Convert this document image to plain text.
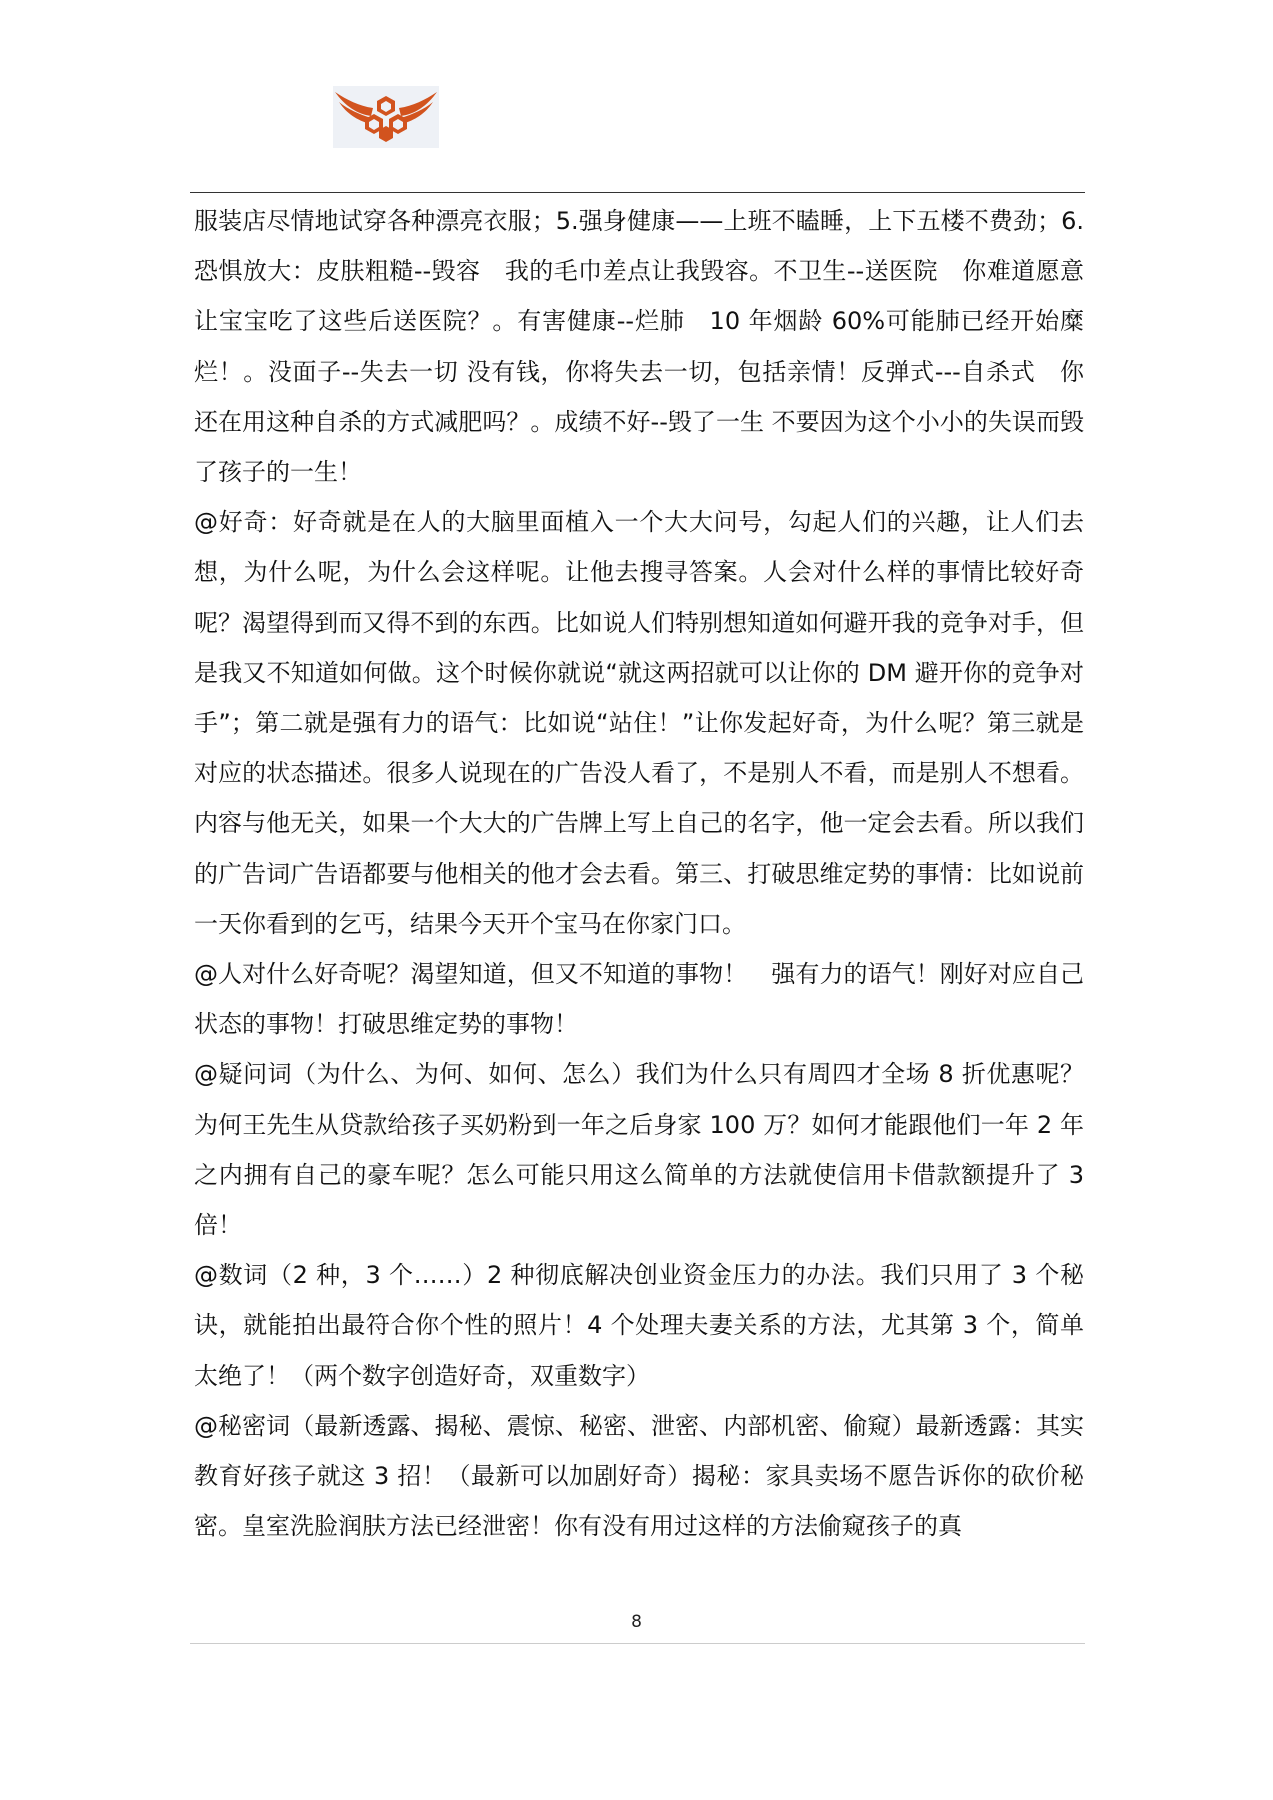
服装店尽情地试穿各种漂亮衣服；5.强身健康——上班不瞌睡，上下五楼不费劲；6.恐惧放大：皮肤粗糙--毁容　我的毛巾差点让我毁容。不卫生--送医院　你难道愿意让宝宝吃了这些后送医院？。有害健康--烂肺　10 年烟龄 60%可能肺已经开始糜烂！。没面子--失去一切 没有钱，你将失去一切，包括亲情！反弹式---自杀式　你还在用这种自杀的方式减肥吗？。成绩不好--毁了一生 不要因为这个小小的失误而毁了孩子的一生！

@好奇：好奇就是在人的大脑里面植入一个大大问号，勾起人们的兴趣，让人们去想，为什么呢，为什么会这样呢。让他去搜寻答案。人会对什么样的事情比较好奇呢？渴望得到而又得不到的东西。比如说人们特别想知道如何避开我的竞争对手，但是我又不知道如何做。这个时候你就说“就这两招就可以让你的 DM 避开你的竞争对手”；第二就是强有力的语气：比如说“站住！”让你发起好奇，为什么呢？第三就是对应的状态描述。很多人说现在的广告没人看了，不是别人不看，而是别人不想看。内容与他无关，如果一个大大的广告牌上写上自己的名字，他一定会去看。所以我们的广告词广告语都要与他相关的他才会去看。第三、打破思维定势的事情：比如说前一天你看到的乞丐，结果今天开个宝马在你家门口。

@人对什么好奇呢？渴望知道，但又不知道的事物！　强有力的语气！刚好对应自己状态的事物！打破思维定势的事物！

@疑问词（为什么、为何、如何、怎么）我们为什么只有周四才全场 8 折优惠呢？为何王先生从贷款给孩子买奶粉到一年之后身家 100 万？如何才能跟他们一年 2 年之内拥有自己的豪车呢？怎么可能只用这么简单的方法就使信用卡借款额提升了 3 倍！

@数词（2 种，3 个……）2 种彻底解决创业资金压力的办法。我们只用了 3 个秘诀，就能拍出最符合你个性的照片！4 个处理夫妻关系的方法，尤其第 3 个，简单太绝了！（两个数字创造好奇，双重数字）

@秘密词（最新透露、揭秘、震惊、秘密、泄密、内部机密、偷窥）最新透露：其实教育好孩子就这 3 招！（最新可以加剧好奇）揭秘：家具卖场不愿告诉你的砍价秘密。皇室洗脸润肤方法已经泄密！你有没有用过这样的方法偷窥孩子的真

8
